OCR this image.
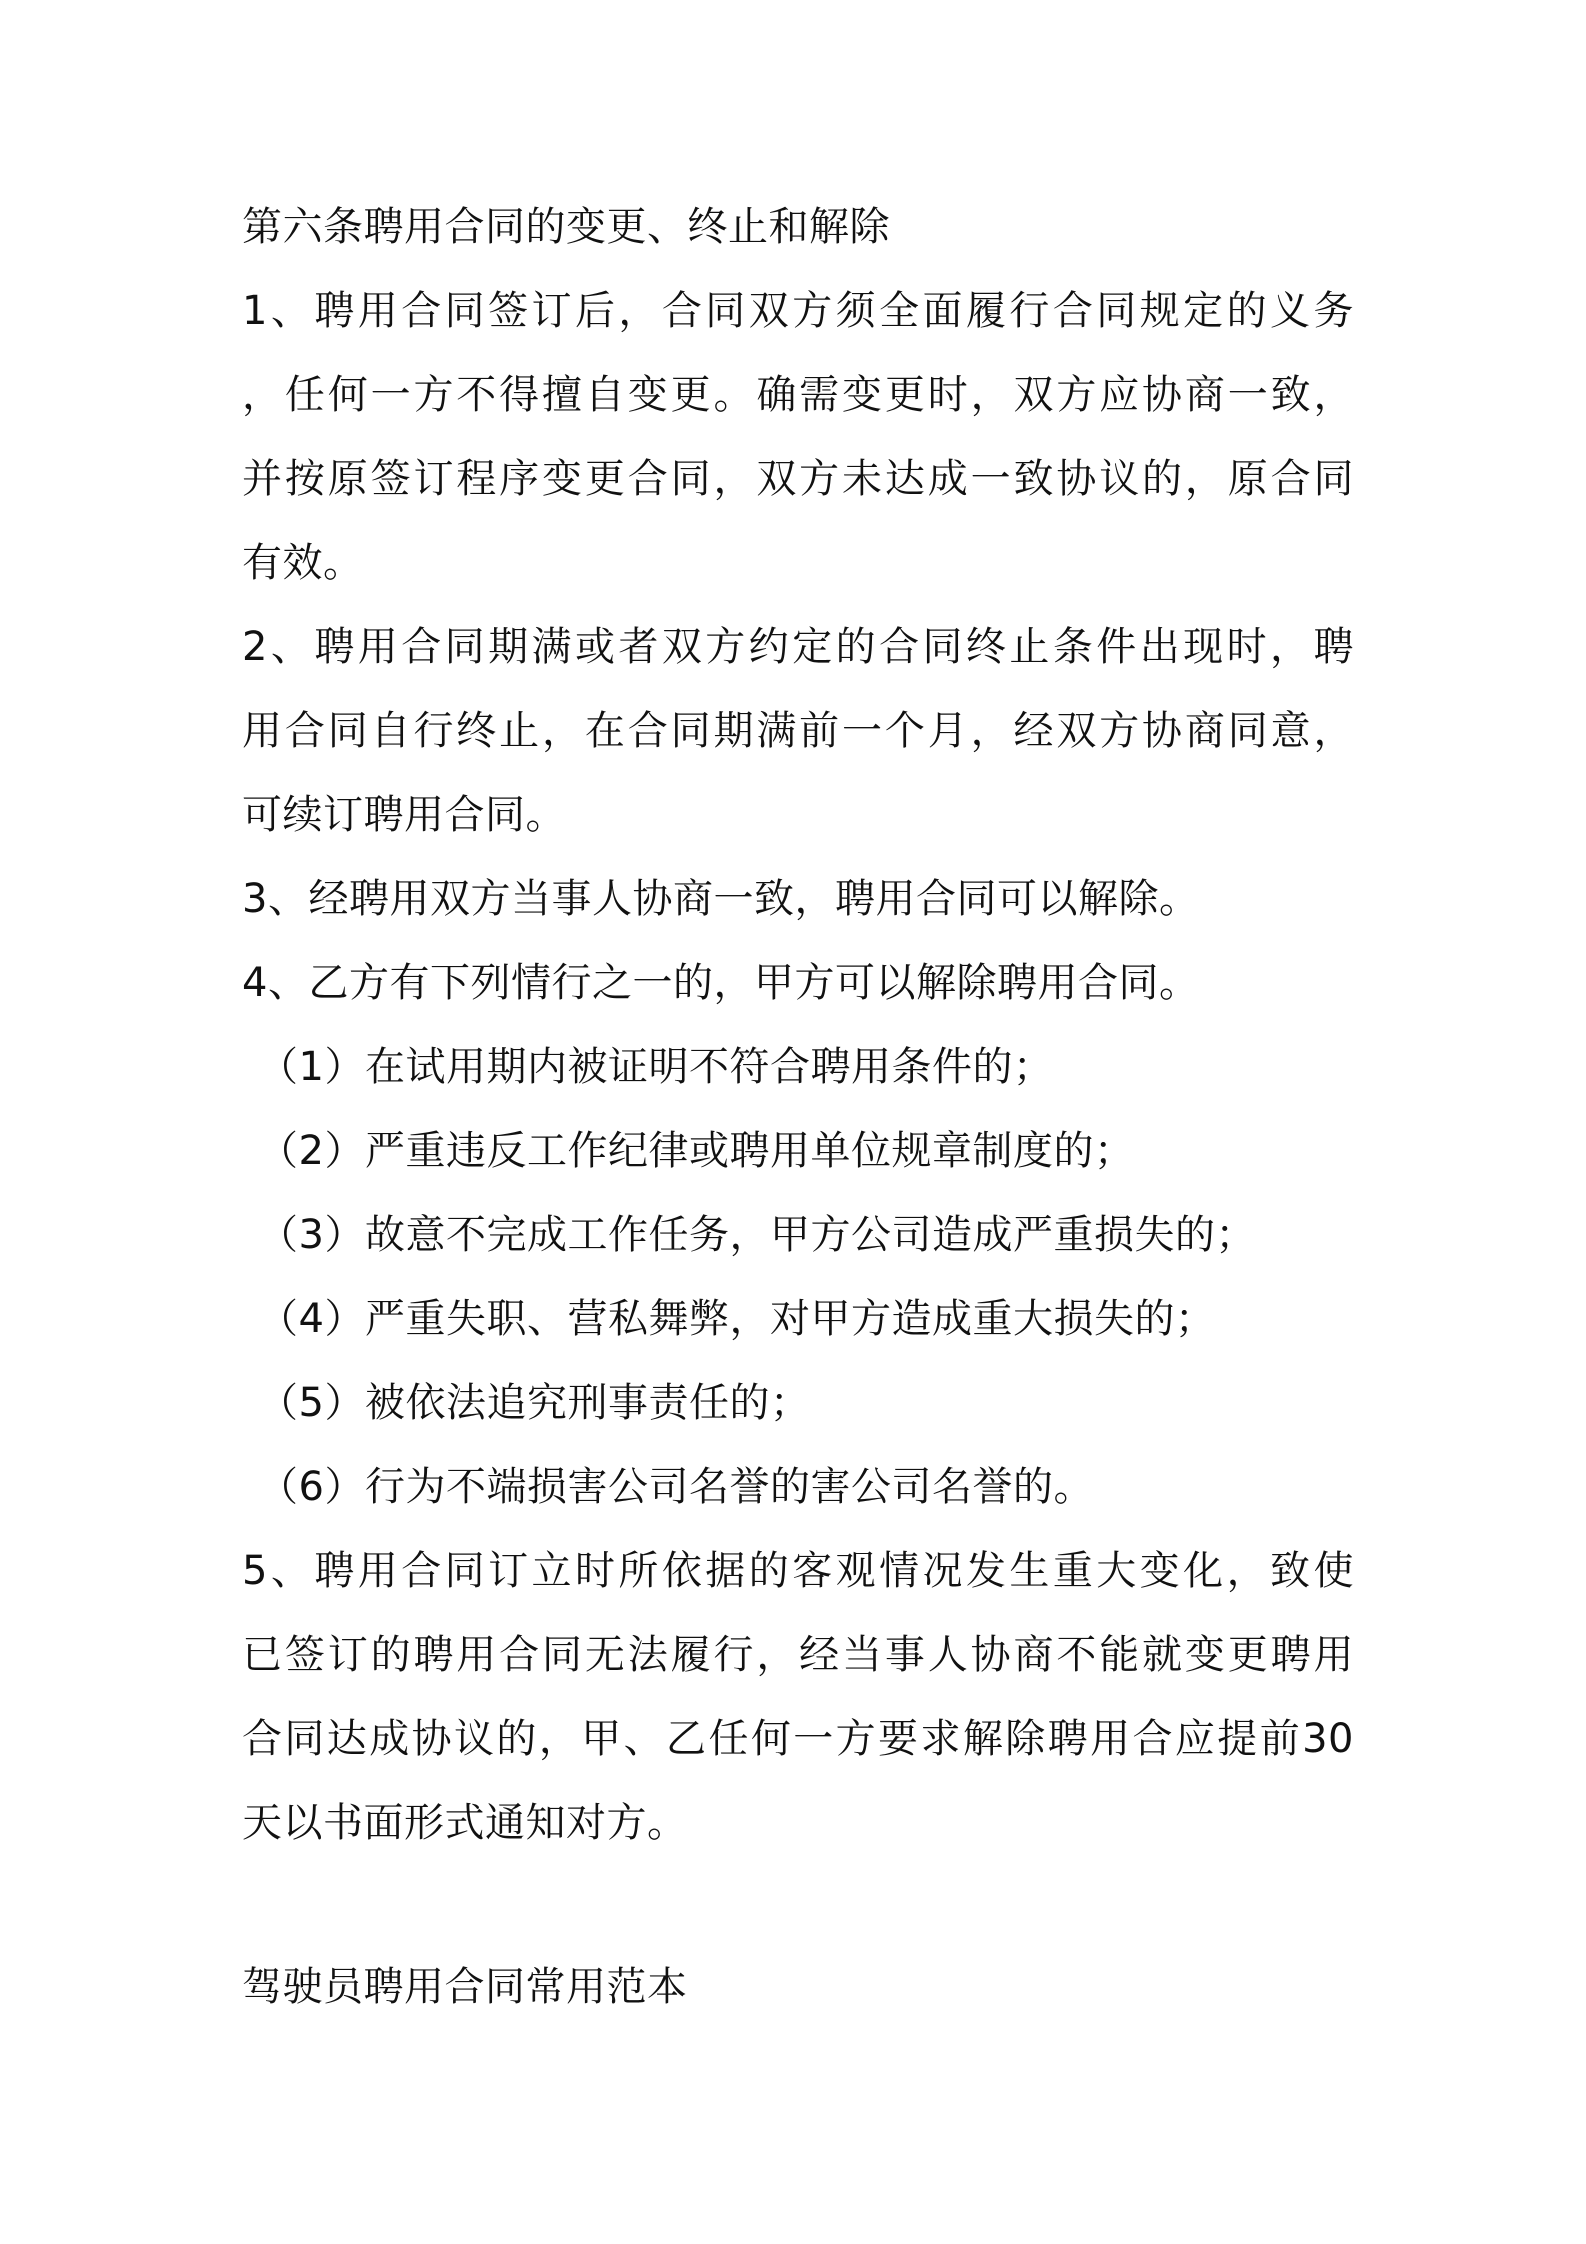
第六条聘用合同的变更、终止和解除
1、聘用合同签订后，合同双方须全面履行合同规定的义务
，任何一方不得擅自变更。确需变更时，双方应协商一致，
并按原签订程序变更合同，双方未达成一致协议的，原合同
有效。
2、聘用合同期满或者双方约定的合同终止条件出现时，聘
用合同自行终止，在合同期满前一个月，经双方协商同意，
可续订聘用合同。
3、经聘用双方当事人协商一致，聘用合同可以解除。
4、乙方有下列情行之一的，甲方可以解除聘用合同。
（1）在试用期内被证明不符合聘用条件的；
（2）严重违反工作纪律或聘用单位规章制度的；
（3）故意不完成工作任务，甲方公司造成严重损失的；
（4）严重失职、营私舞弊，对甲方造成重大损失的；
（5）被依法追究刑事责任的；
（6）行为不端损害公司名誉的害公司名誉的。
5、聘用合同订立时所依据的客观情况发生重大变化，致使
已签订的聘用合同无法履行，经当事人协商不能就变更聘用
合同达成协议的，甲、乙任何一方要求解除聘用合应提前30
天以书面形式通知对方。
驾驶员聘用合同常用范本
